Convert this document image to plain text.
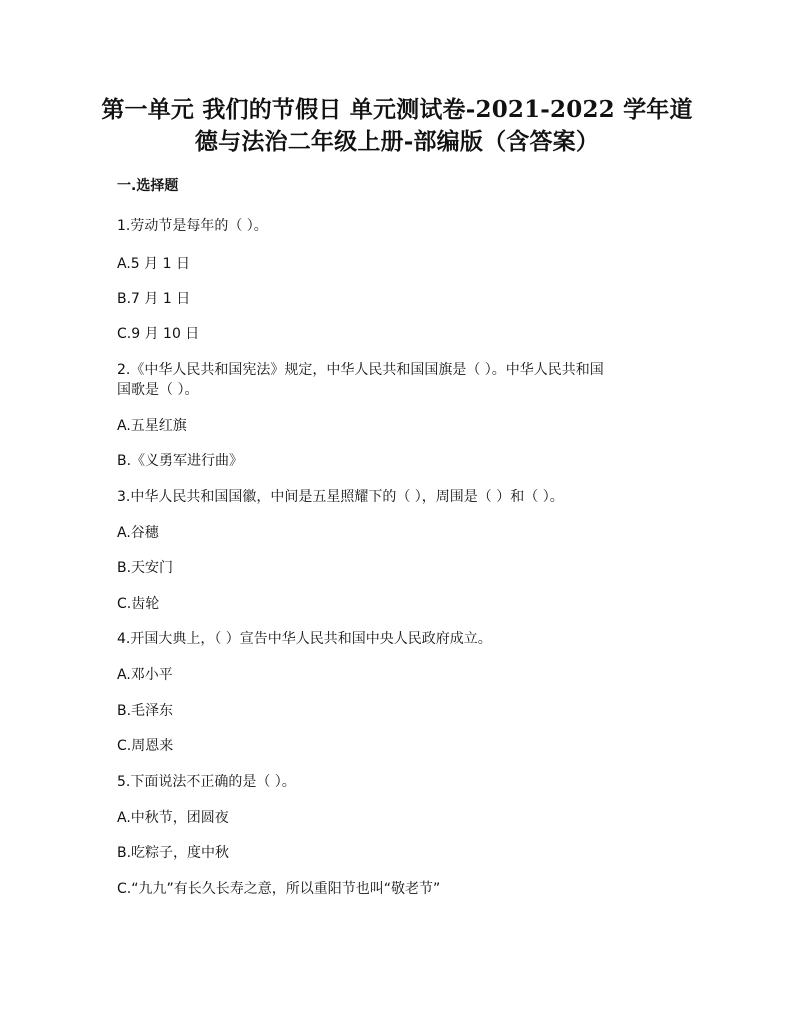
第一单元 我们的节假日 单元测试卷-2021-2022 学年道
德与法治二年级上册-部编版（含答案）
一.选择题
1.劳动节是每年的（ ）。
A.5 月 1 日
B.7 月 1 日
C.9 月 10 日
2.《中华人民共和国宪法》规定，中华人民共和国国旗是（ ）。中华人民共和国
国歌是（ ）。
A.五星红旗
B.《义勇军进行曲》
3.中华人民共和国国徽，中间是五星照耀下的（ ），周围是（ ）和（ ）。
A.谷穗
B.天安门
C.齿轮
4.开国大典上，（ ）宣告中华人民共和国中央人民政府成立。
A.邓小平
B.毛泽东
C.周恩来
5.下面说法不正确的是（ ）。
A.中秋节，团圆夜
B.吃粽子，度中秋
C.“九九”有长久长寿之意，所以重阳节也叫“敬老节”
